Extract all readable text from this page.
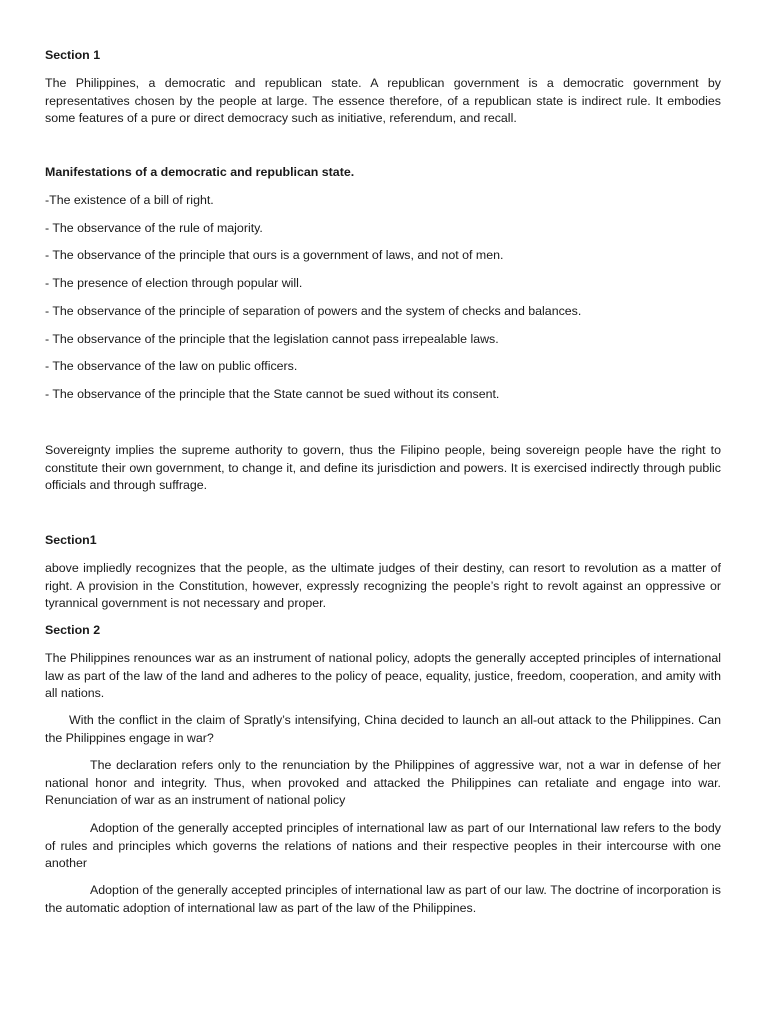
Section 1

The Philippines, a democratic and republican state. A republican government is a democratic government by representatives chosen by the people at large. The essence therefore, of a republican state is indirect rule. It embodies some features of a pure or direct democracy such as initiative, referendum, and recall.

Manifestations of a democratic and republican state.

-The existence of a bill of right.

- The observance of the rule of majority.

- The observance of the principle that ours is a government of laws, and not of men.

- The presence of election through popular will.

- The observance of the principle of separation of powers and the system of checks and balances.

- The observance of the principle that the legislation cannot pass irrepealable laws.

- The observance of the law on public officers.

- The observance of the principle that the State cannot be sued without its consent.

Sovereignty implies the supreme authority to govern, thus the Filipino people, being sovereign people have the right to constitute their own government, to change it, and define its jurisdiction and powers. It is exercised indirectly through public officials and through suffrage.

Section1

above impliedly recognizes that the people, as the ultimate judges of their destiny, can resort to revolution as a matter of right. A provision in the Constitution, however, expressly recognizing the people’s right to revolt against an oppressive or tyrannical government is not necessary and proper.

Section 2

The Philippines renounces war as an instrument of national policy, adopts the generally accepted principles of international law as part of the law of the land and adheres to the policy of peace, equality, justice, freedom, cooperation, and amity with all nations.

With the conflict in the claim of Spratly’s intensifying, China decided to launch an all-out attack to the Philippines. Can the Philippines engage in war?

The declaration refers only to the renunciation by the Philippines of aggressive war, not a war in defense of her national honor and integrity. Thus, when provoked and attacked the Philippines can retaliate and engage into war. Renunciation of war as an instrument of national policy

Adoption of the generally accepted principles of international law as part of our International law refers to the body of rules and principles which governs the relations of nations and their respective peoples in their intercourse with one another

Adoption of the generally accepted principles of international law as part of our law. The doctrine of incorporation is the automatic adoption of international law as part of the law of the Philippines.
